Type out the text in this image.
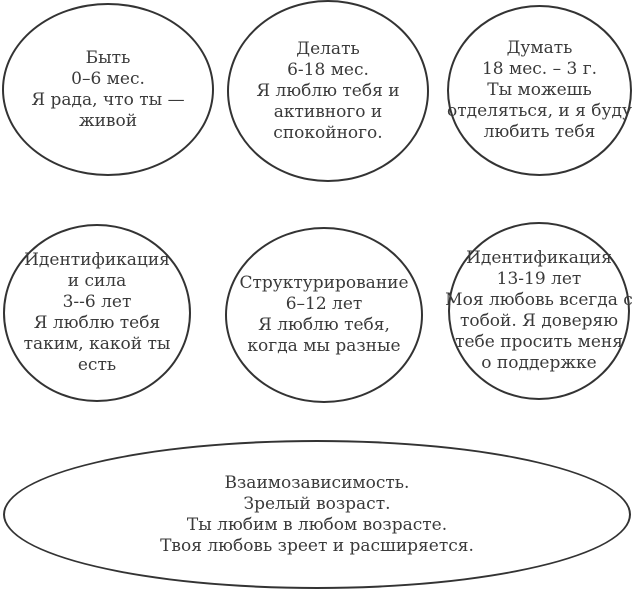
Быть
0–6 мес.
Я рада, что ты —
живой
Делать
6-18 мес.
Я люблю тебя и
активного и
спокойного.
Думать
18 мес. – 3 г.
Ты можешь
отделяться, и я буду
любить тебя
Идентификация
и сила
3--6 лет
Я люблю тебя
таким, какой ты
есть
Структурирование
6–12 лет
Я люблю тебя,
когда мы разные
Идентификация
13-19 лет
Моя любовь всегда с
тобой. Я доверяю
тебе просить меня
о поддержке
Взаимозависимость.
Зрелый возраст.
Ты любим в любом возрасте.
Твоя любовь зреет и расширяется.
